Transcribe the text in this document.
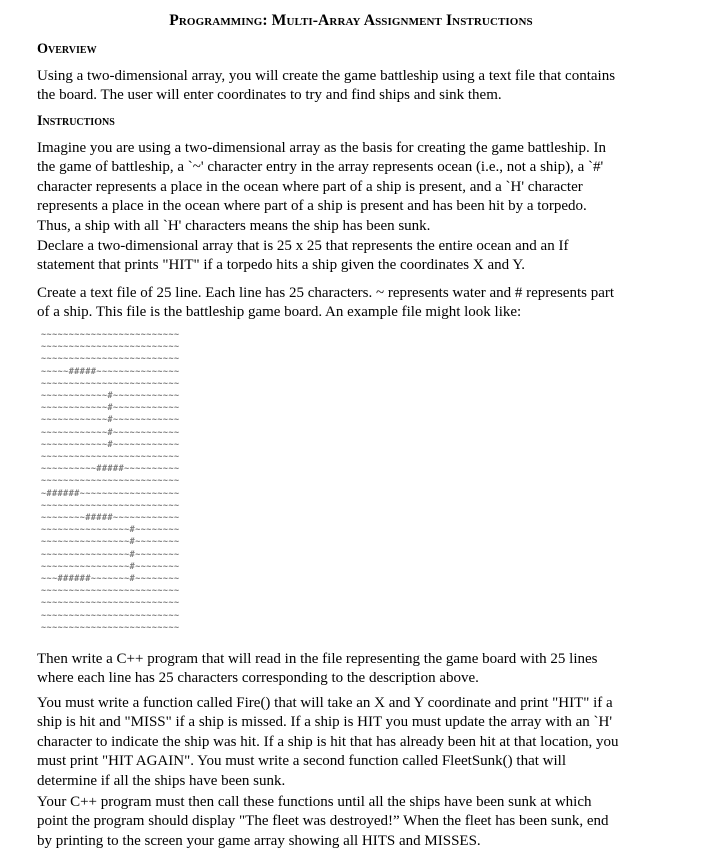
Programming: Multi-Array Assignment Instructions
Overview

Using a two-dimensional array, you will create the game battleship using a text file that contains
the board. The user will enter coordinates to try and find ships and sink them.

Instructions

Imagine you are using a two-dimensional array as the basis for creating the game battleship. In
the game of battleship, a `~' character entry in the array represents ocean (i.e., not a ship), a `#'
character represents a place in the ocean where part of a ship is present, and a `H' character
represents a place in the ocean where part of a ship is present and has been hit by a torpedo.
Thus, a ship with all `H' characters means the ship has been sunk.

Declare a two-dimensional array that is 25 x 25 that represents the entire ocean and an If
statement that prints "HIT" if a torpedo hits a ship given the coordinates X and Y.

Create a text file of 25 line. Each line has 25 characters. ~ represents water and # represents part
of a ship. This file is the battleship game board. An example file might look like:

~~~~~~~~~~~~~~~~~~~~~~~~~
~~~~~~~~~~~~~~~~~~~~~~~~~
~~~~~~~~~~~~~~~~~~~~~~~~~
~~~~~#####~~~~~~~~~~~~~~~
~~~~~~~~~~~~~~~~~~~~~~~~~
~~~~~~~~~~~~#~~~~~~~~~~~~
~~~~~~~~~~~~#~~~~~~~~~~~~
~~~~~~~~~~~~#~~~~~~~~~~~~
~~~~~~~~~~~~#~~~~~~~~~~~~
~~~~~~~~~~~~#~~~~~~~~~~~~
~~~~~~~~~~~~~~~~~~~~~~~~~
~~~~~~~~~~#####~~~~~~~~~~
~~~~~~~~~~~~~~~~~~~~~~~~~
~######~~~~~~~~~~~~~~~~~~
~~~~~~~~~~~~~~~~~~~~~~~~~
~~~~~~~~#####~~~~~~~~~~~~
~~~~~~~~~~~~~~~~#~~~~~~~~
~~~~~~~~~~~~~~~~#~~~~~~~~
~~~~~~~~~~~~~~~~#~~~~~~~~
~~~~~~~~~~~~~~~~#~~~~~~~~
~~~######~~~~~~~#~~~~~~~~
~~~~~~~~~~~~~~~~~~~~~~~~~
~~~~~~~~~~~~~~~~~~~~~~~~~
~~~~~~~~~~~~~~~~~~~~~~~~~
~~~~~~~~~~~~~~~~~~~~~~~~~

Then write a C++ program that will read in the file representing the game board with 25 lines
where each line has 25 characters corresponding to the description above.

You must write a function called Fire() that will take an X and Y coordinate and print "HIT" if a
ship is hit and "MISS" if a ship is missed. If a ship is HIT you must update the array with an `H'
character to indicate the ship was hit. If a ship is hit that has already been hit at that location, you
must print "HIT AGAIN". You must write a second function called FleetSunk() that will
determine if all the ships have been sunk.

Your C++ program must then call these functions until all the ships have been sunk at which
point the program should display "The fleet was destroyed!” When the fleet has been sunk, end
by printing to the screen your game array showing all HITS and MISSES.
